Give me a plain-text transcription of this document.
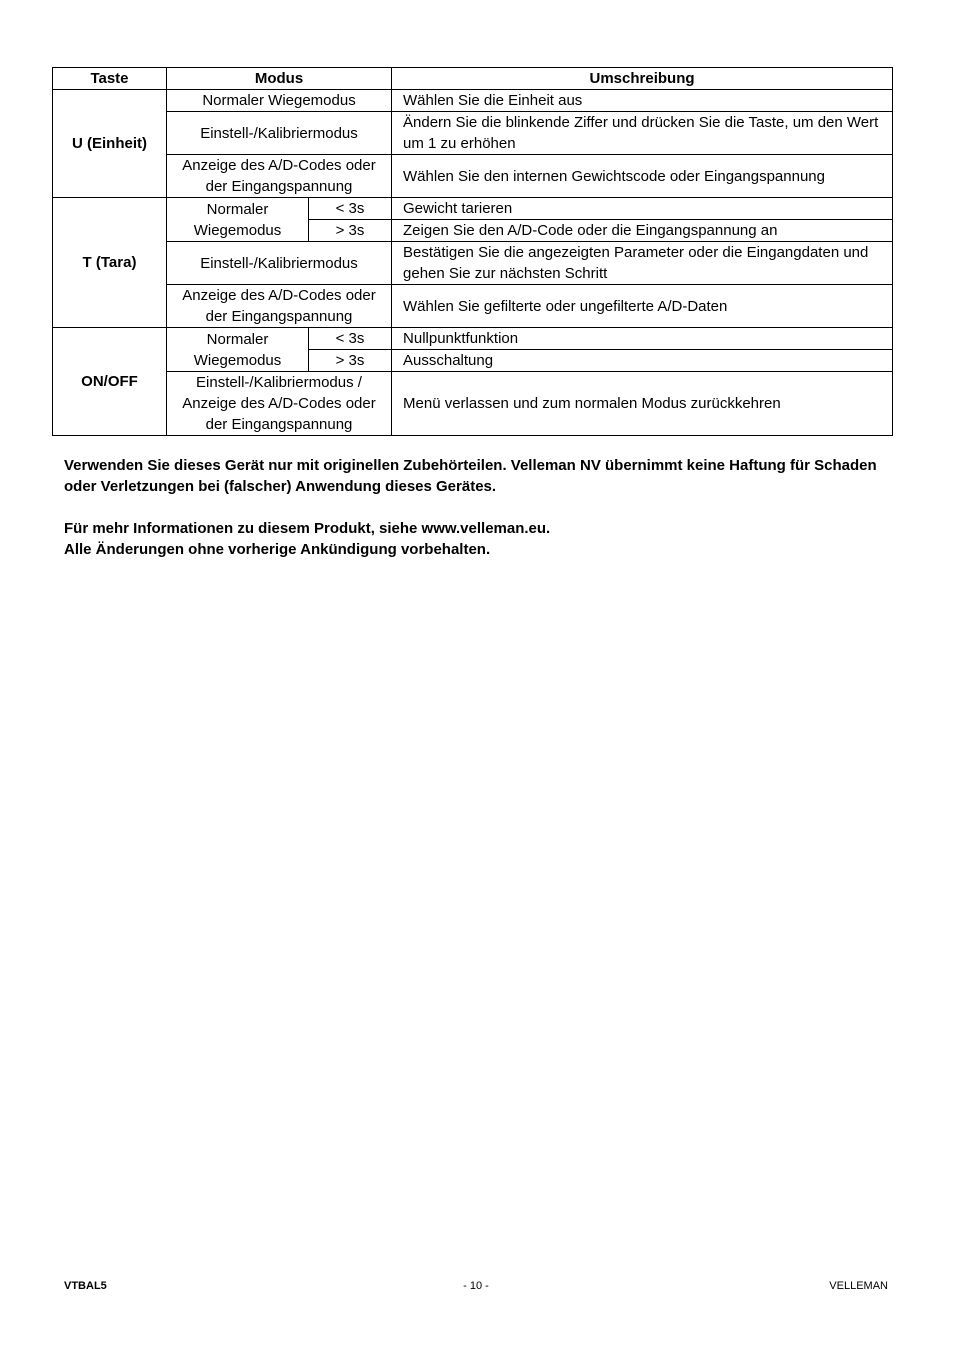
Taste	Modus		Umschreibung
U (Einheit)	Normaler Wiegemodus		Wählen Sie die Einheit aus
	Einstell-/Kalibriermodus		Ändern Sie die blinkende Ziffer und drücken Sie die Taste, um den Wert um 1 zu erhöhen
	Anzeige des A/D-Codes oder der Eingangspannung		Wählen Sie den internen Gewichtscode oder Eingangspannung
T (Tara)	Normaler Wiegemodus	< 3s	Gewicht tarieren
		> 3s	Zeigen Sie den A/D-Code oder die Eingangspannung an
	Einstell-/Kalibriermodus		Bestätigen Sie die angezeigten Parameter oder die Eingangdaten und gehen Sie zur nächsten Schritt
	Anzeige des A/D-Codes oder der Eingangspannung		Wählen Sie gefilterte oder ungefilterte A/D-Daten
ON/OFF	Normaler Wiegemodus	< 3s	Nullpunktfunktion
		> 3s	Ausschaltung
	Einstell-/Kalibriermodus / Anzeige des A/D-Codes oder der Eingangspannung		Menü verlassen und zum normalen Modus zurückkehren

Verwenden Sie dieses Gerät nur mit originellen Zubehörteilen. Velleman NV übernimmt keine Haftung für Schaden oder Verletzungen bei (falscher) Anwendung dieses Gerätes.

Für mehr Informationen zu diesem Produkt, siehe www.velleman.eu.
Alle Änderungen ohne vorherige Ankündigung vorbehalten.

VTBAL5	- 10 -	VELLEMAN
